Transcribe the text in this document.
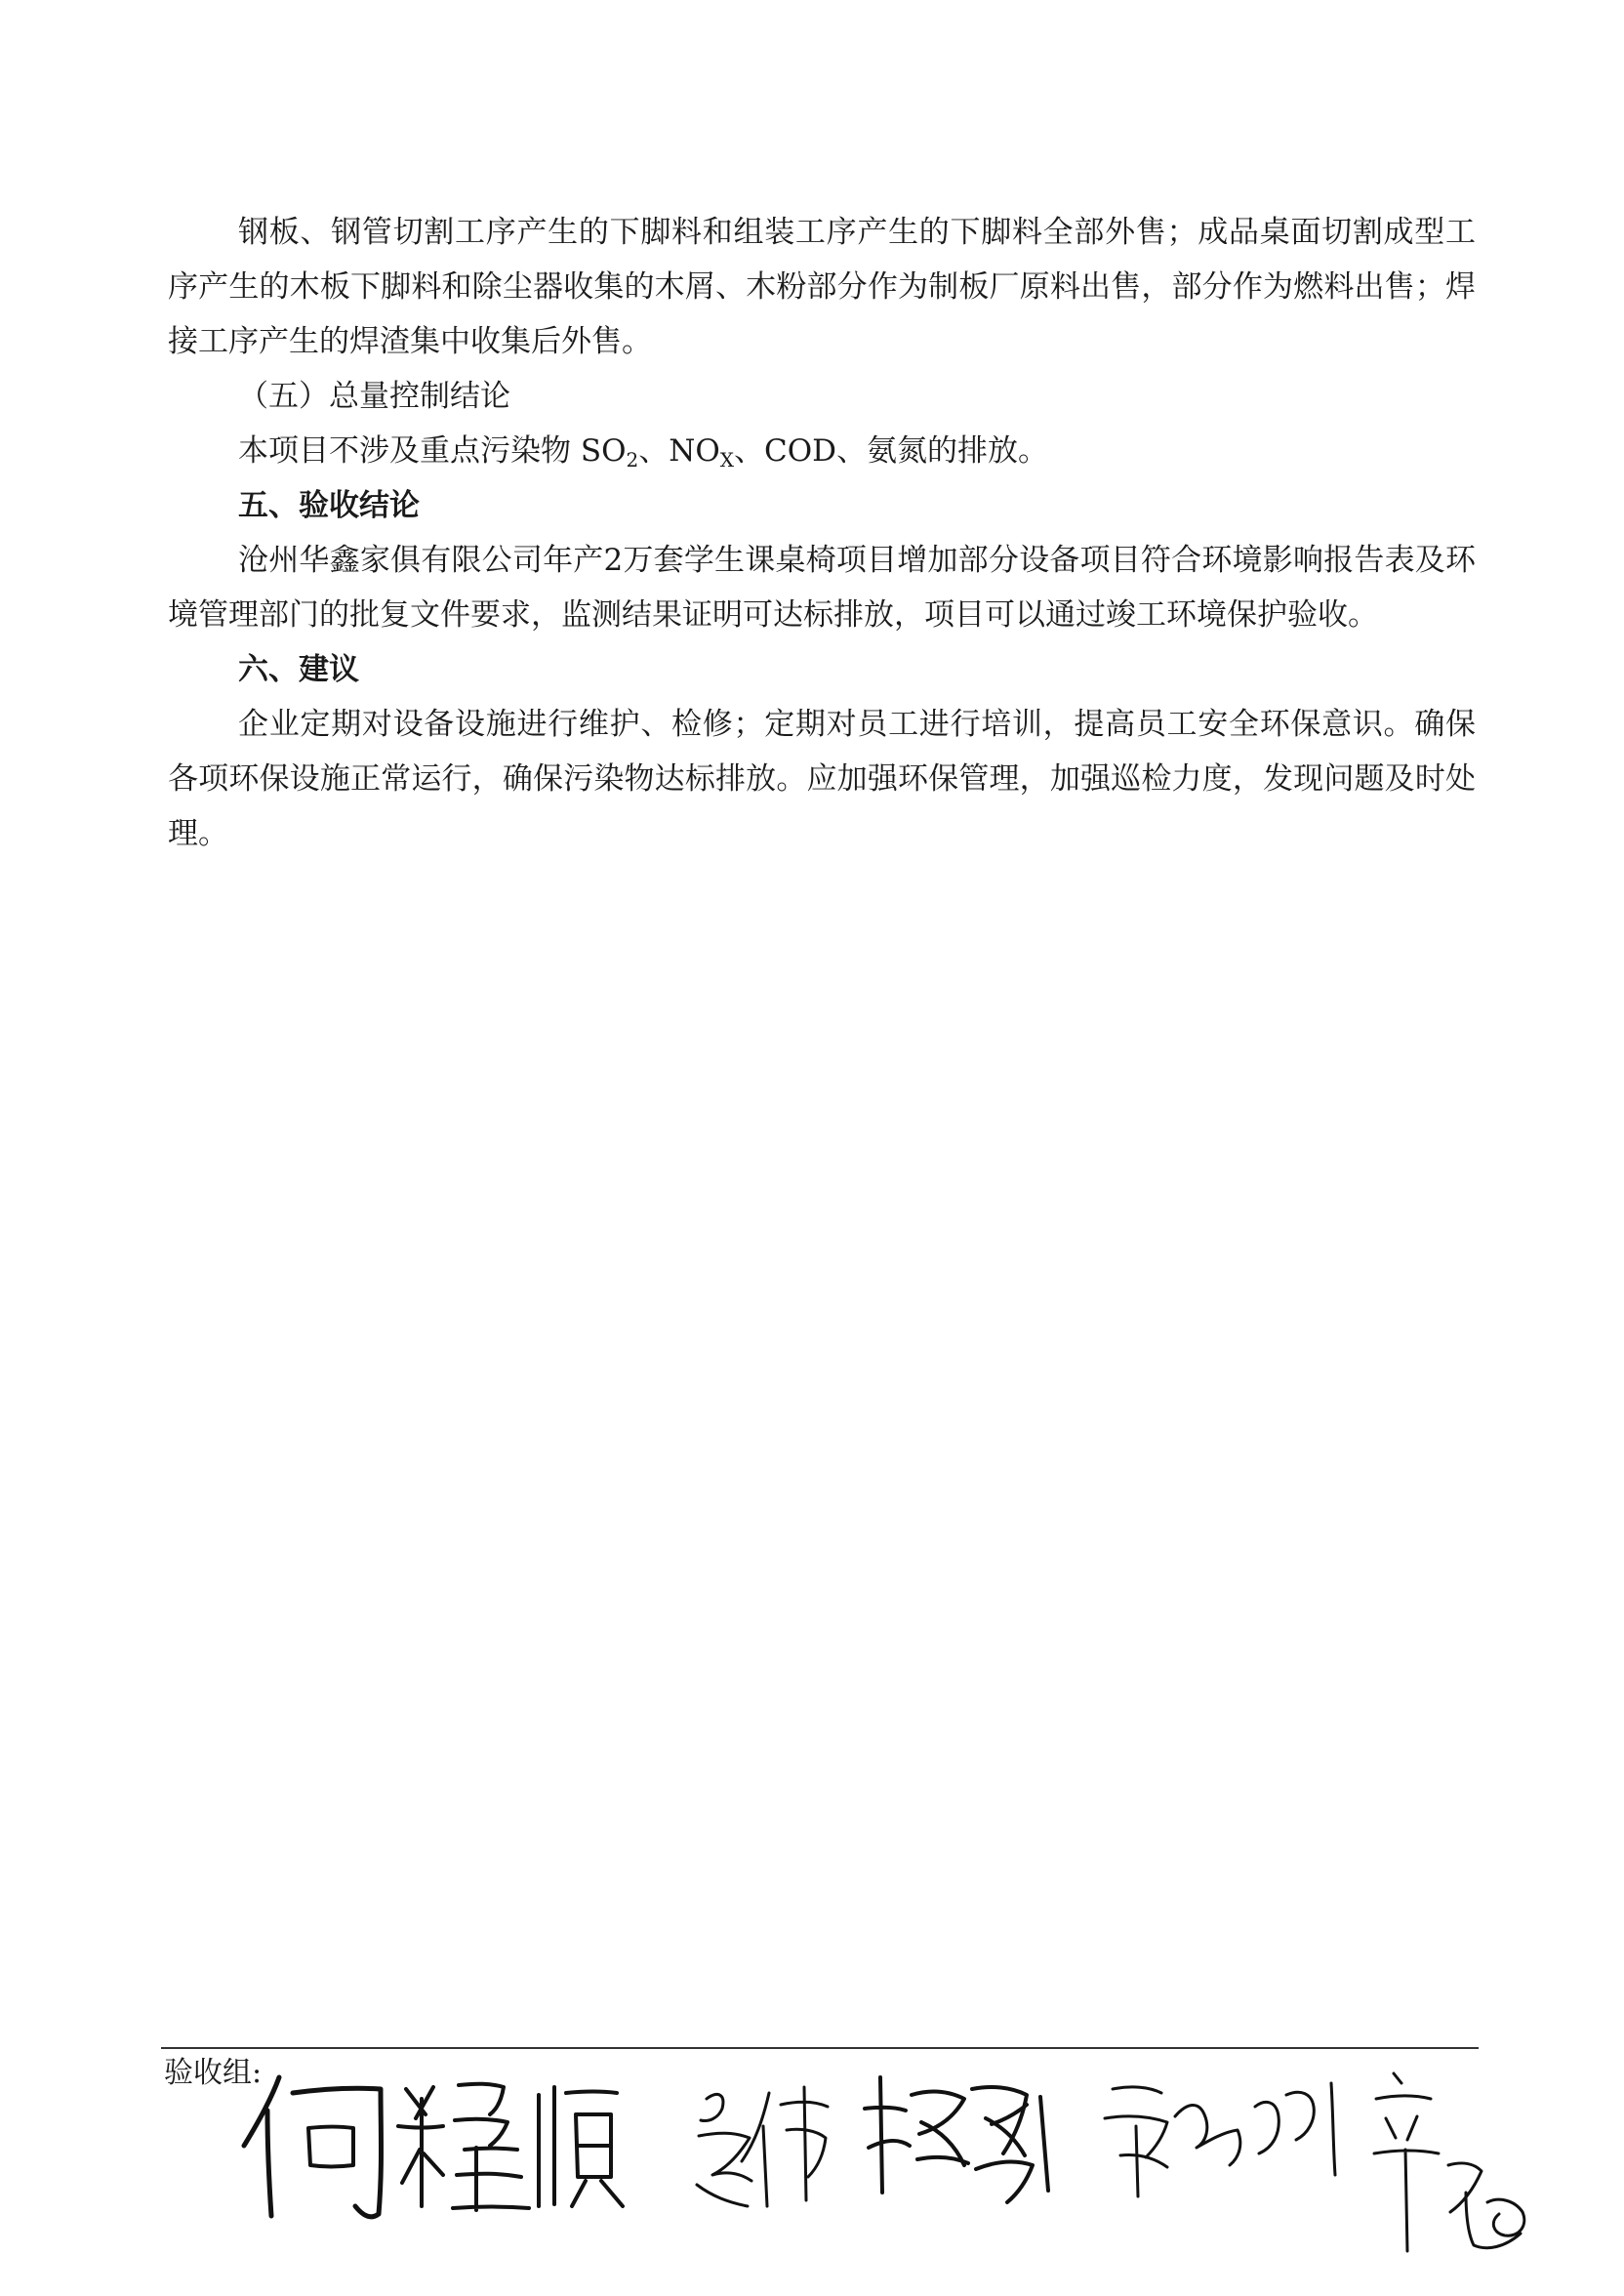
钢板、钢管切割工序产生的下脚料和组装工序产生的下脚料全部外售；成品桌面切割成型工序产生的木板下脚料和除尘器收集的木屑、木粉部分作为制板厂原料出售，部分作为燃料出售；焊接工序产生的焊渣集中收集后外售。

（五）总量控制结论

本项目不涉及重点污染物 $SO_2$、$NO_X$、COD、氨氮的排放。

五、验收结论

沧州华鑫家俱有限公司年产2万套学生课桌椅项目增加部分设备项目符合环境影响报告表及环境管理部门的批复文件要求，监测结果证明可达标排放，项目可以通过竣工环境保护验收。

六、建议

企业定期对设备设施进行维护、检修；定期对员工进行培训，提高员工安全环保意识。确保各项环保设施正常运行，确保污染物达标排放。应加强环保管理，加强巡检力度，发现问题及时处理。

验收组:
